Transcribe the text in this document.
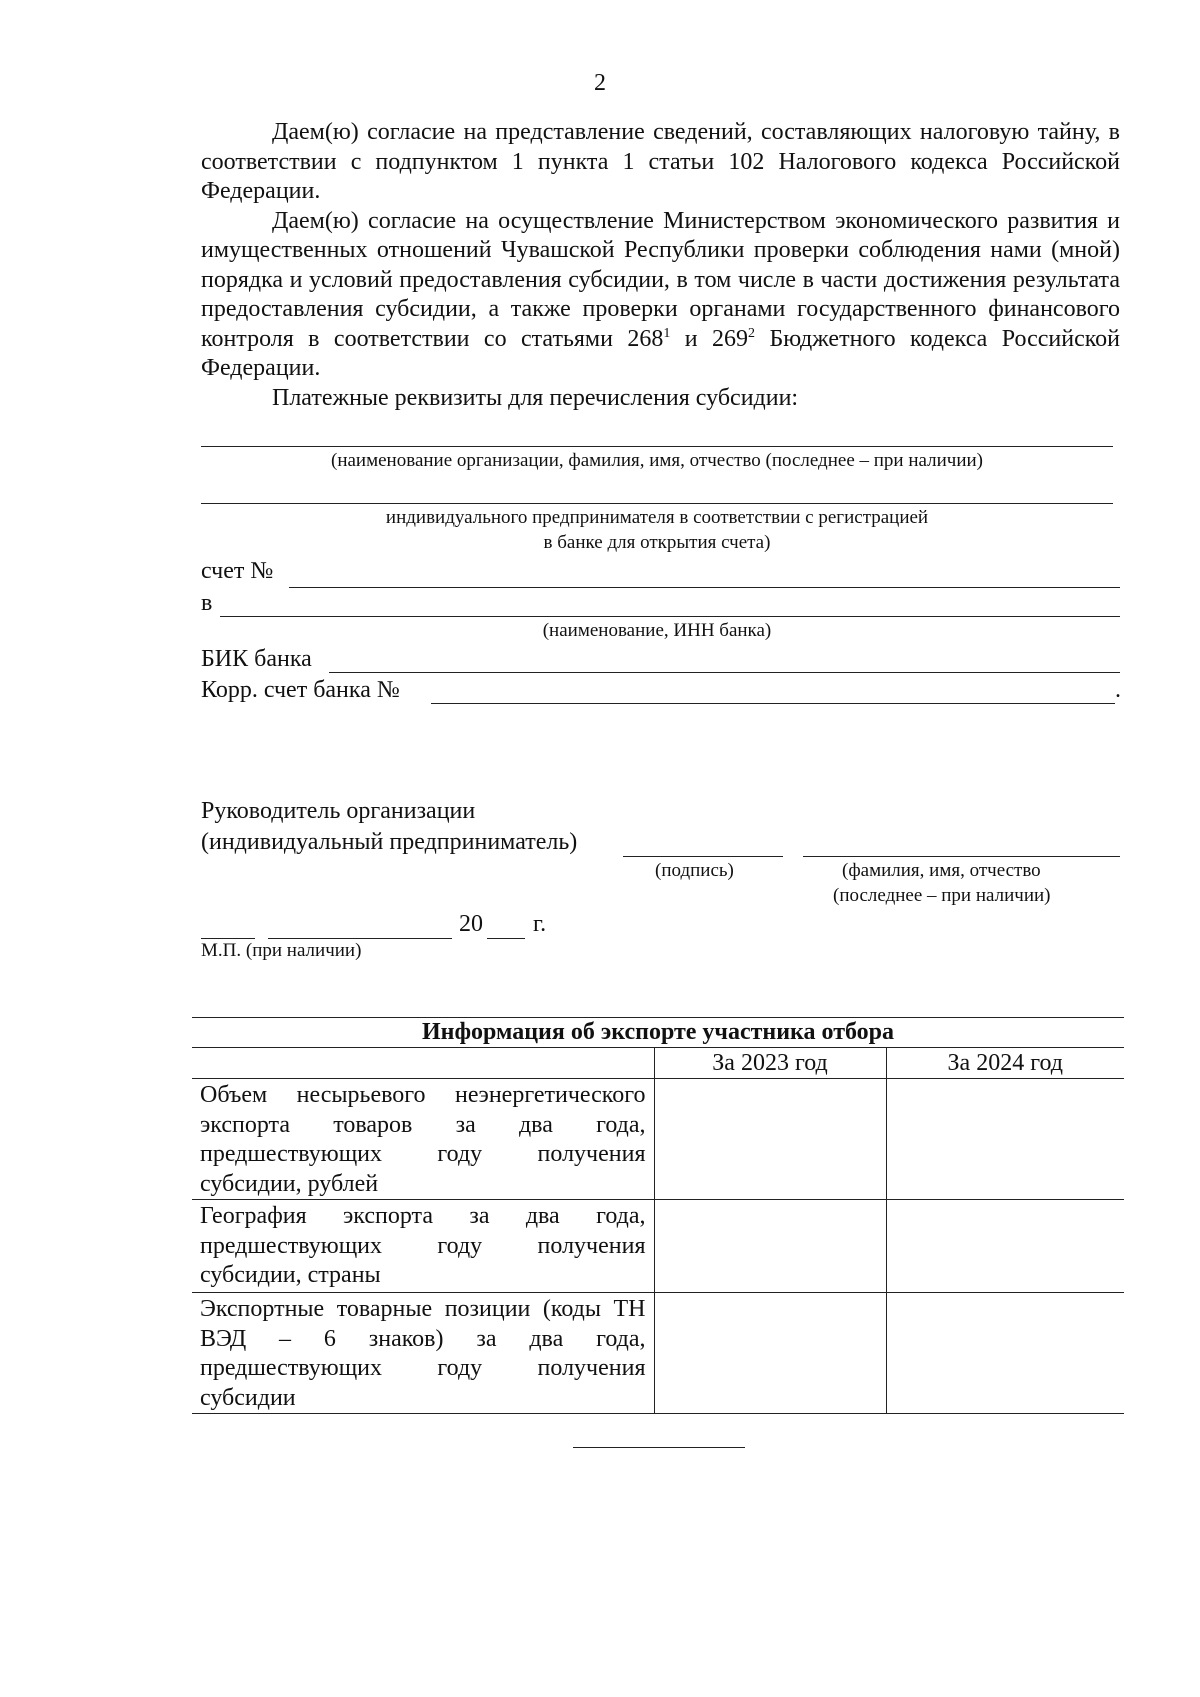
2

Даем(ю) согласие на представление сведений, составляющих налоговую тайну, в соответствии с подпунктом 1 пункта 1 статьи 102 Налогового кодекса Российской Федерации.

Даем(ю) согласие на осуществление Министерством экономического развития и имущественных отношений Чувашской Республики проверки соблюдения нами (мной) порядка и условий предоставления субсидии, в том числе в части достижения результата предоставления субсидии, а также проверки органами государственного финансового контроля в соответствии со статьями $268^1$ и $269^2$ Бюджетного кодекса Российской Федерации.

Платежные реквизиты для перечисления субсидии:

(наименование организации, фамилия, имя, отчество (последнее – при наличии)
индивидуального предпринимателя в соответствии с регистрацией
в банке для открытия счета)
счет №
в
(наименование, ИНН банка)
БИК банка
Корр. счет банка №	.
Руководитель организации
(индивидуальный предприниматель)
(подпись)	(фамилия, имя, отчество
(последнее – при наличии)
20 г.
М.П. (при наличии)
Информация об экспорте участника отбора		
	За 2023 год	За 2024 год
Объем несырьевого неэнергетического экспорта товаров за два года, предшествующих году получения субсидии, рублей		
География экспорта за два года, предшествующих году получения субсидии, страны		
Экспортные товарные позиции (коды ТН ВЭД – 6 знаков) за два года, предшествующих году получения субсидии		
